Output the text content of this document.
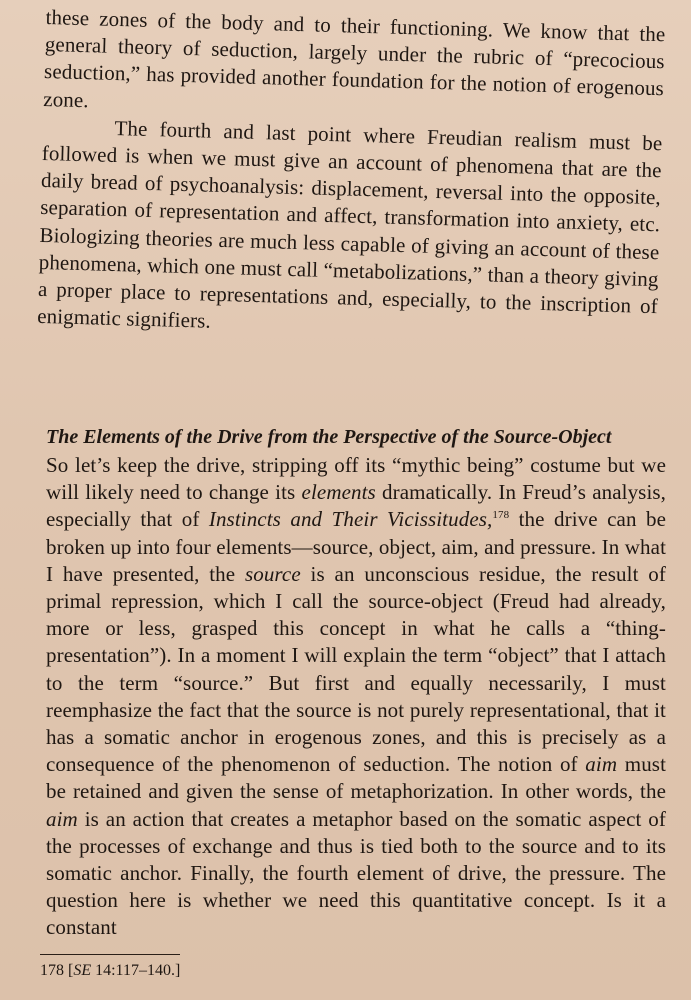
these zones of the body and to their functioning. We know that the general theory of seduction, largely under the rubric of “precocious seduction,” has provided another foundation for the notion of erogenous zone.

The fourth and last point where Freudian realism must be followed is when we must give an account of phenomena that are the daily bread of psychoanalysis: displacement, reversal into the opposite, separation of representation and affect, transformation into anxiety, etc. Biologizing theories are much less capable of giving an account of these phenomena, which one must call “metabolizations,” than a theory giving a proper place to representations and, especially, to the inscription of enigmatic signifiers.

The Elements of the Drive from the Perspective of the Source-Object

So let’s keep the drive, stripping off its “mythic being” costume but we will likely need to change its elements dramatically. In Freud’s analysis, especially that of Instincts and Their Vicissitudes,$^{178}$ the drive can be broken up into four elements—source, object, aim, and pressure. In what I have presented, the source is an unconscious residue, the result of primal repression, which I call the source-object (Freud had already, more or less, grasped this concept in what he calls a “thing-presentation”). In a moment I will explain the term “object” that I attach to the term “source.” But first and equally necessarily, I must reemphasize the fact that the source is not purely representational, that it has a somatic anchor in erogenous zones, and this is precisely as a consequence of the phenomenon of seduction. The notion of aim must be retained and given the sense of metaphorization. In other words, the aim is an action that creates a metaphor based on the somatic aspect of the processes of exchange and thus is tied both to the source and to its somatic anchor. Finally, the fourth element of drive, the pressure. The question here is whether we need this quantitative concept. Is it a constant

178 [SE 14:117–140.]
